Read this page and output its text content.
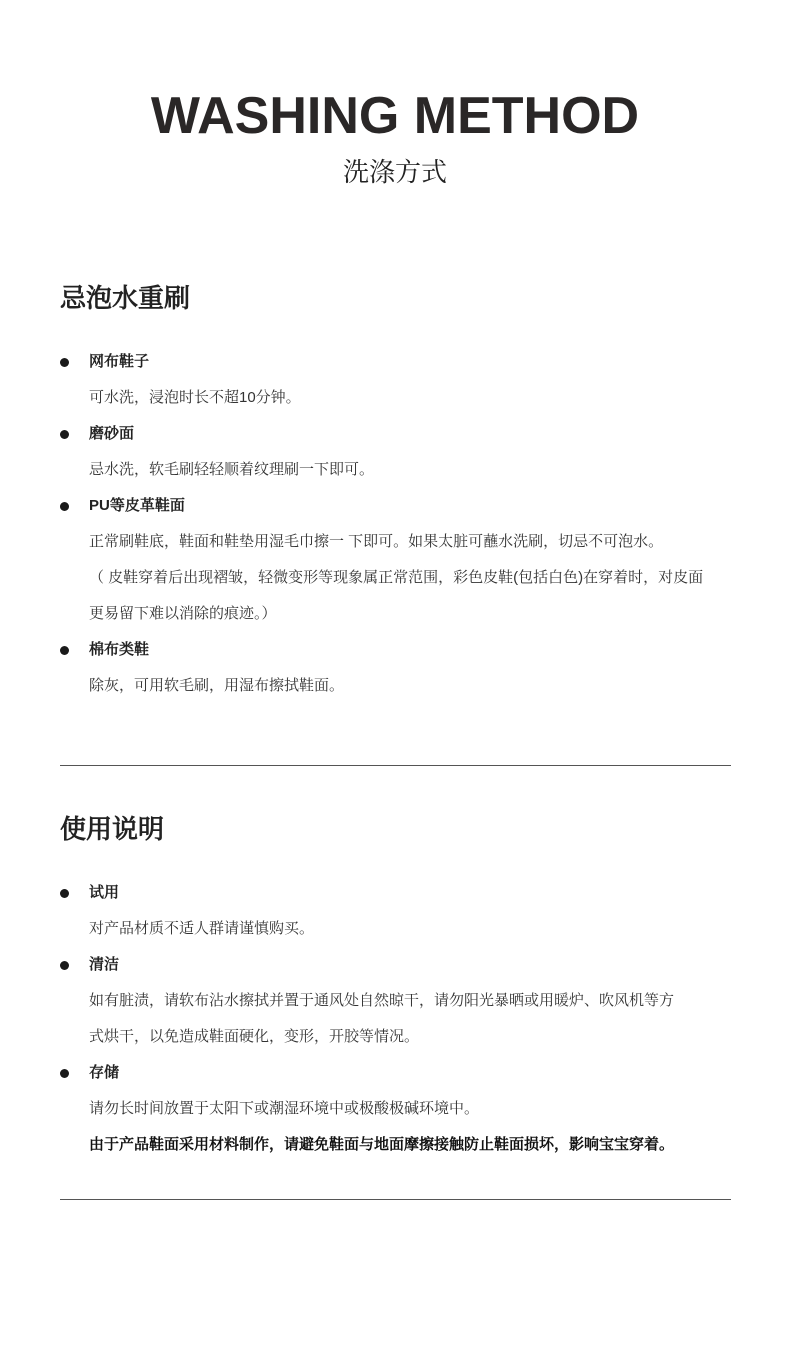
WASHING METHOD
洗涤方式
忌泡水重刷
网布鞋子
可水洗，浸泡时长不超10分钟。
磨砂面
忌水洗，软毛刷轻轻顺着纹理刷一下即可。
PU等皮革鞋面
正常刷鞋底，鞋面和鞋垫用湿毛巾擦一 下即可。如果太脏可蘸水洗刷，切忌不可泡水。
（ 皮鞋穿着后出现褶皱，轻微变形等现象属正常范围，彩色皮鞋(包括白色)在穿着时，对皮面
更易留下难以消除的痕迹。）
棉布类鞋
除灰，可用软毛刷，用湿布擦拭鞋面。
使用说明
试用
对产品材质不适人群请谨慎购买。
清洁
如有脏渍，请软布沾水擦拭并置于通风处自然晾干，请勿阳光暴晒或用暖炉、吹风机等方
式烘干，以免造成鞋面硬化，变形，开胶等情况。
存储
请勿长时间放置于太阳下或潮湿环境中或极酸极碱环境中。
由于产品鞋面采用材料制作，请避免鞋面与地面摩擦接触防止鞋面损坏，影响宝宝穿着。
